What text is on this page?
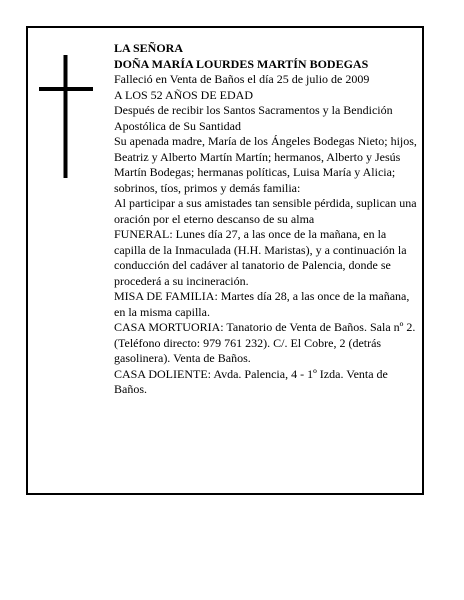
LA SEÑORA
DOÑA MARÍA LOURDES MARTÍN BODEGAS
Falleció en Venta de Baños el día 25 de julio de 2009
A LOS 52 AÑOS DE EDAD
Después de recibir los Santos Sacramentos y la Bendición Apostólica de Su Santidad
Su apenada madre, María de los Ángeles Bodegas Nieto; hijos, Beatriz y Alberto Martín Martín; hermanos, Alberto y Jesús Martín Bodegas; hermanas políticas, Luisa María y Alicia; sobrinos, tíos, primos y demás familia:
Al participar a sus amistades tan sensible pérdida, suplican una oración por el eterno descanso de su alma
FUNERAL: Lunes día 27, a las once de la mañana, en la capilla de la Inmaculada (H.H. Maristas), y a continuación la conducción del cadáver al tanatorio de Palencia, donde se procederá a su incineración.
MISA DE FAMILIA: Martes día 28, a las once de la mañana, en la misma capilla.
CASA MORTUORIA: Tanatorio de Venta de Baños. Sala nº 2. (Teléfono directo: 979 761 232). C/. El Cobre, 2 (detrás gasolinera). Venta de Baños.
CASA DOLIENTE: Avda. Palencia, 4 - 1º Izda. Venta de Baños.
